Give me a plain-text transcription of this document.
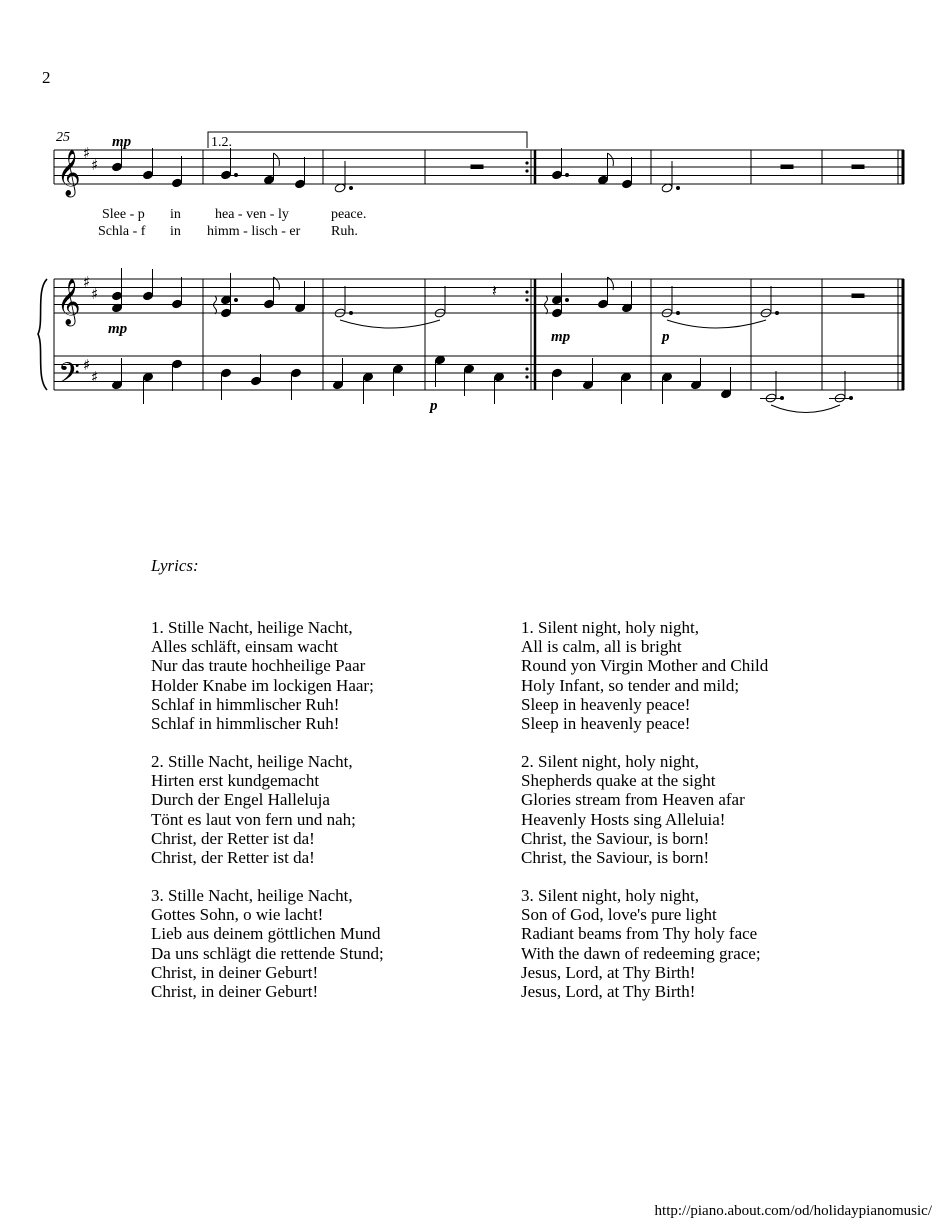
2
𝄞
𝄞
𝄢
♯
♯
♯
♯
♯
♯
𝄽
25	1.2.
mp
mp
p
mp	p
Slee - p in hea - ven - ly	peace.
Schla - f in himm - lisch - er Ruh.
Lyrics:
1. Stille Nacht, heilige Nacht,
Alles schläft, einsam wacht
Nur das traute hochheilige Paar
Holder Knabe im lockigen Haar;
Schlaf in himmlischer Ruh!
Schlaf in himmlischer Ruh!
2. Stille Nacht, heilige Nacht,
Hirten erst kundgemacht
Durch der Engel Halleluja
Tönt es laut von fern und nah;
Christ, der Retter ist da!
Christ, der Retter ist da!
3. Stille Nacht, heilige Nacht,
Gottes Sohn, o wie lacht!
Lieb aus deinem göttlichen Mund
Da uns schlägt die rettende Stund;
Christ, in deiner Geburt!
Christ, in deiner Geburt!
1. Silent night, holy night,
All is calm, all is bright
Round yon Virgin Mother and Child
Holy Infant, so tender and mild;
Sleep in heavenly peace!
Sleep in heavenly peace!
2. Silent night, holy night,
Shepherds quake at the sight
Glories stream from Heaven afar
Heavenly Hosts sing Alleluia!
Christ, the Saviour, is born!
Christ, the Saviour, is born!
3. Silent night, holy night,
Son of God, love's pure light
Radiant beams from Thy holy face
With the dawn of redeeming grace;
Jesus, Lord, at Thy Birth!
Jesus, Lord, at Thy Birth!
http://piano.about.com/od/holidaypianomusic/
